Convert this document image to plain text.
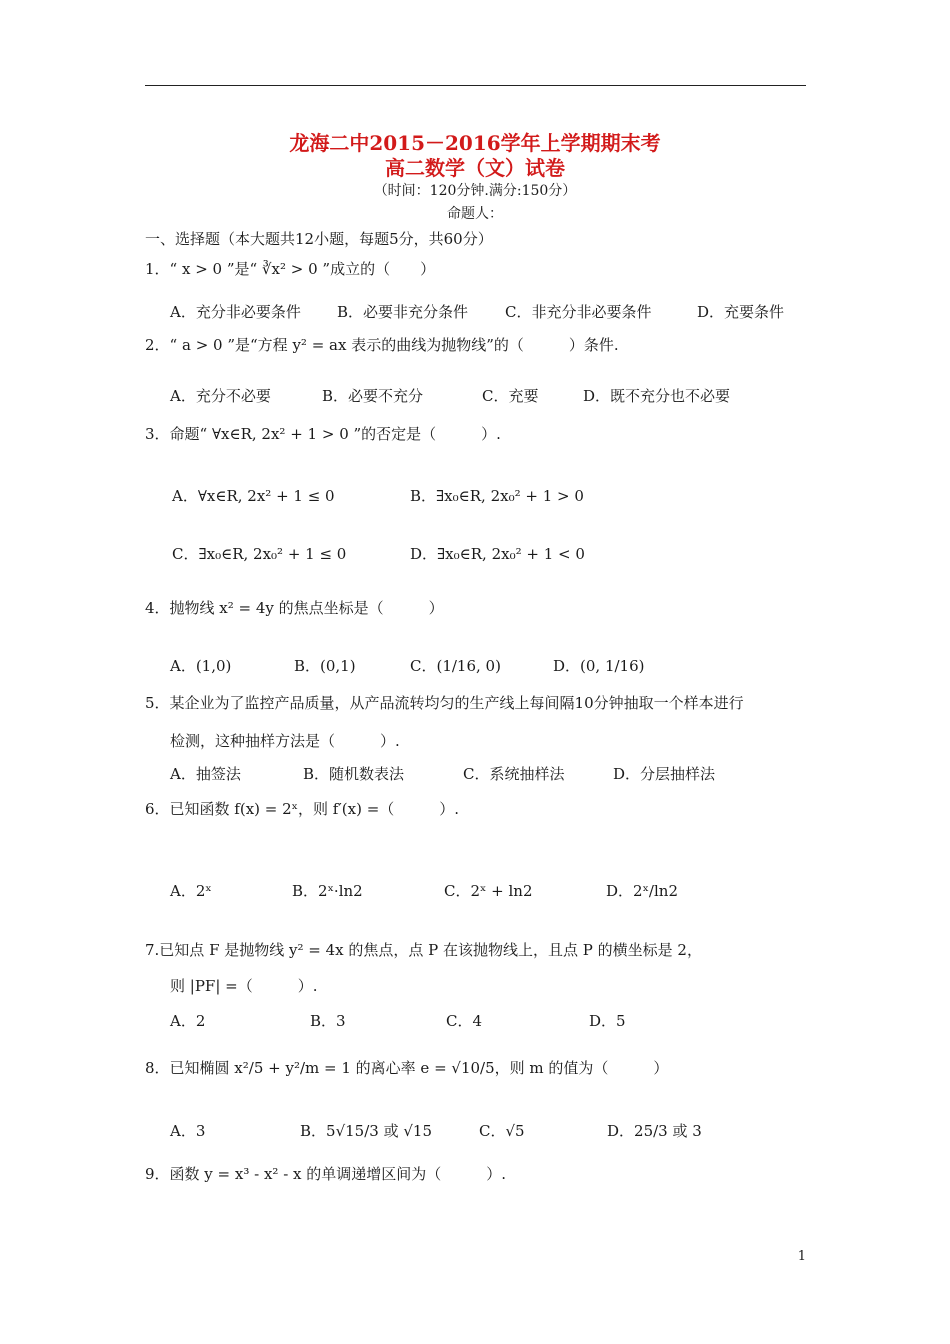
龙海二中2015－2016学年上学期期末考
高二数学（文）试卷
（时间：120分钟.满分:150分）
命题人：
一、选择题（本大题共12小题，每题5分，共60分）
1．“ x > 0 ”是“ ∛x² > 0 ”成立的（　　）
A．充分非必要条件 B．必要非充分条件 C．非充分非必要条件	D．充要条件
2．“ a > 0 ”是“方程 y² = ax 表示的曲线为抛物线”的（　　　）条件.
A．充分不必要	B．必要不充分	C．充要	D．既不充分也不必要
3．命题“ ∀x∈R, 2x² + 1 > 0 ”的否定是（　　　）.
A．∀x∈R, 2x² + 1 ≤ 0	B．∃x₀∈R, 2x₀² + 1 > 0
C．∃x₀∈R, 2x₀² + 1 ≤ 0	D．∃x₀∈R, 2x₀² + 1 < 0
4．抛物线 x² = 4y 的焦点坐标是（　　　）
A．(1,0)	B．(0,1)	C．(1/16, 0)	D．(0, 1/16)
5．某企业为了监控产品质量，从产品流转均匀的生产线上每间隔10分钟抽取一个样本进行
检测，这种抽样方法是（　　　）.
A．抽签法	B．随机数表法	C．系统抽样法	D．分层抽样法
6．已知函数 f(x) = 2ˣ，则 f′(x) =（　　　）.
A．2ˣ	B．2ˣ·ln2	C．2ˣ + ln2	D．2ˣ/ln2
7.已知点 F 是抛物线 y² = 4x 的焦点，点 P 在该抛物线上，且点 P 的横坐标是 2，
则 |PF| =（　　　）.
A．2	B．3	C．4	D．5
8．已知椭圆 x²/5 + y²/m = 1 的离心率 e = √10/5，则 m 的值为（　　　）
A．3	B．5√15/3 或 √15	C．√5	D．25/3 或 3
9．函数 y = x³ - x² - x 的单调递增区间为（　　　）.
1
